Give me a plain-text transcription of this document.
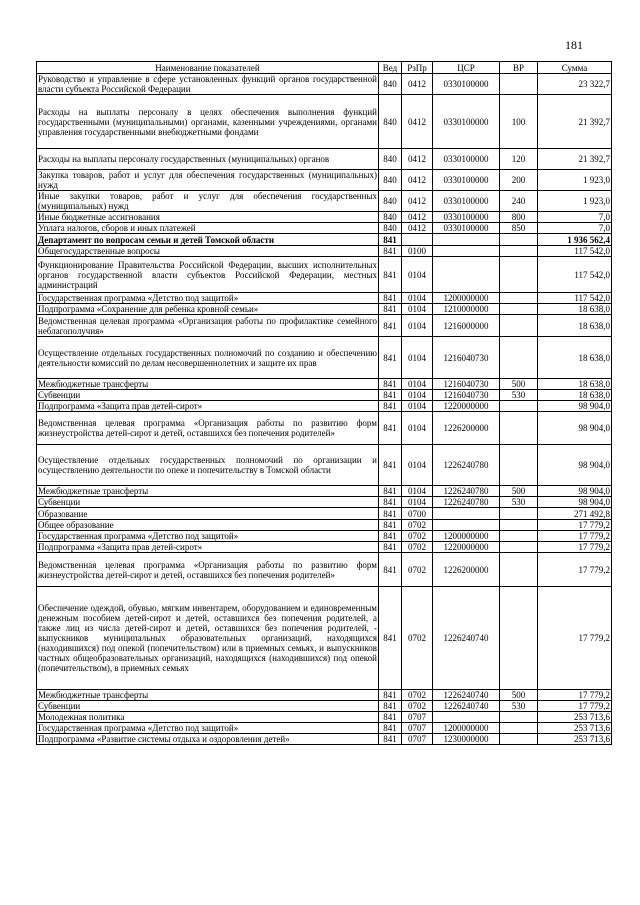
181
Наименование показателей	Вед	РзПр	ЦСР	ВР	Сумма
Руководство и управление в сфере установленных функций органов государственной власти субъекта Российской Федерации	840	0412	0330100000		23 322,7
Расходы на выплаты персоналу в целях обеспечения выполнения функций государственными (муниципальными) органами, казенными учреждениями, органами управления государственными внебюджетными фондами	840	0412	0330100000	100	21 392,7
Расходы на выплаты персоналу государственных (муниципальных) органов	840	0412	0330100000	120	21 392,7
Закупка товаров, работ и услуг для обеспечения государственных (муниципальных) нужд	840	0412	0330100000	200	1 923,0
Иные закупки товаров, работ и услуг для обеспечения государственных (муниципальных) нужд	840	0412	0330100000	240	1 923,0
Иные бюджетные ассигнования	840	0412	0330100000	800	7,0
Уплата налогов, сборов и иных платежей	840	0412	0330100000	850	7,0
Департамент по вопросам семьи и детей Томской области	841				1 936 562,4
Общегосударственные вопросы	841	0100			117 542,0
Функционирование Правительства Российской Федерации, высших исполнительных органов государственной власти субъектов Российской Федерации, местных администраций	841	0104			117 542,0
Государственная программа «Детство под защитой»	841	0104	1200000000		117 542,0
Подпрограмма «Сохранение для ребенка кровной семьи»	841	0104	1210000000		18 638,0
Ведомственная целевая программа «Организация работы по профилактике семейного неблагополучия»	841	0104	1216000000		18 638,0
Осуществление отдельных государственных полномочий по созданию и обеспечению деятельности комиссий по делам несовершеннолетних и защите их прав	841	0104	1216040730		18 638,0
Межбюджетные трансферты	841	0104	1216040730	500	18 638,0
Субвенции	841	0104	1216040730	530	18 638,0
Подпрограмма «Защита прав детей-сирот»	841	0104	1220000000		98 904,0
Ведомственная целевая программа «Организация работы по развитию форм жизнеустройства детей-сирот и детей, оставшихся без попечения родителей»	841	0104	1226200000		98 904,0
Осуществление отдельных государственных полномочий по организации и осуществлению деятельности по опеке и попечительству в Томской области	841	0104	1226240780		98 904,0
Межбюджетные трансферты	841	0104	1226240780	500	98 904,0
Субвенции	841	0104	1226240780	530	98 904,0
Образование	841	0700			271 492,8
Общее образование	841	0702			17 779,2
Государственная программа «Детство под защитой»	841	0702	1200000000		17 779,2
Подпрограмма «Защита прав детей-сирот»	841	0702	1220000000		17 779,2
Ведомственная целевая программа «Организация работы по развитию форм жизнеустройства детей-сирот и детей, оставшихся без попечения родителей»	841	0702	1226200000		17 779,2
Обеспечение одеждой, обувью, мягким инвентарем, оборудованием и единовременным денежным пособием детей-сирот и детей, оставшихся без попечения родителей, а также лиц из числа детей-сирот и детей, оставшихся без попечения родителей, - выпускников муниципальных образовательных организаций, находящихся (находившихся) под опекой (попечительством) или в приемных семьях, и выпускников частных общеобразовательных организаций, находящихся (находившихся) под опекой (попечительством), в приемных семьях	841	0702	1226240740		17 779,2
Межбюджетные трансферты	841	0702	1226240740	500	17 779,2
Субвенции	841	0702	1226240740	530	17 779,2
Молодежная политика	841	0707			253 713,6
Государственная программа «Детство под защитой»	841	0707	1200000000		253 713,6
Подпрограмма «Развитие системы отдыха и оздоровления детей»	841	0707	1230000000		253 713,6
